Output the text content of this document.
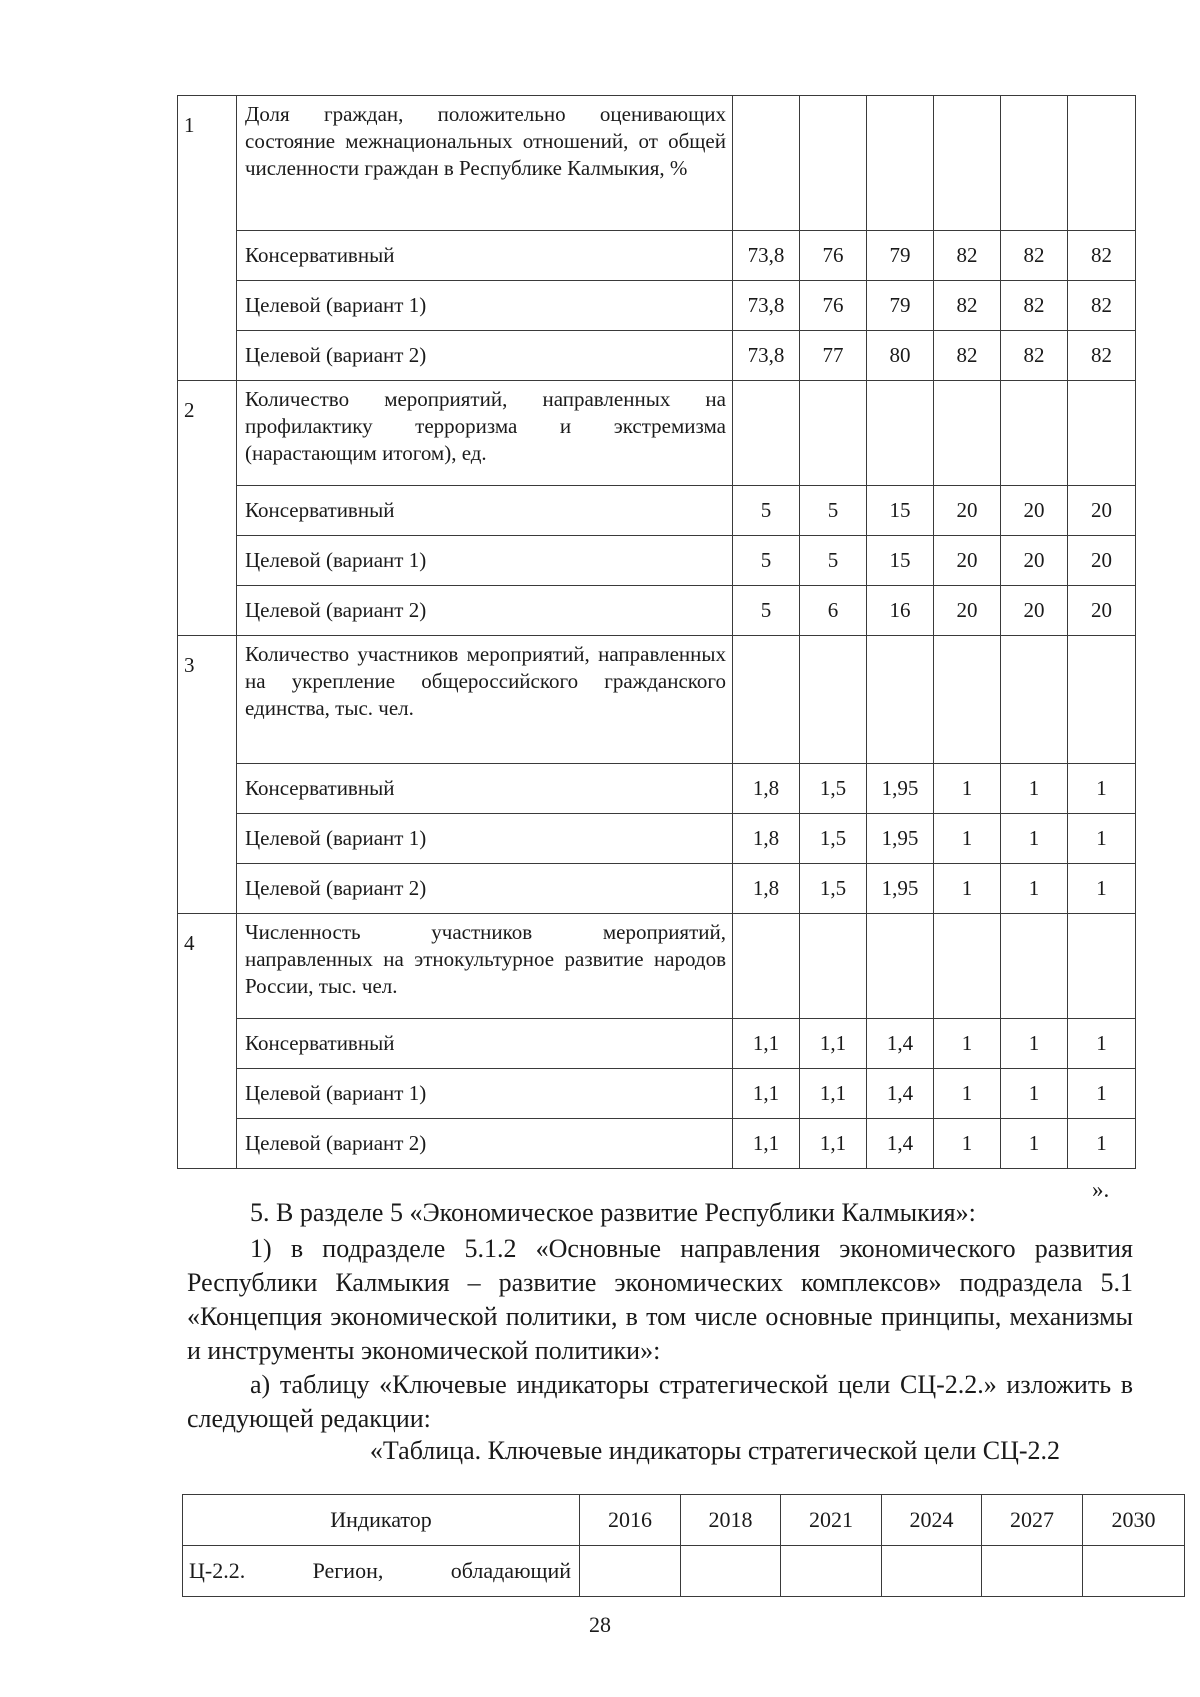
1	Доля граждан, положительно оценивающих состояние межнациональных отношений, от общей численности граждан в Республике Калмыкия, %						
	Консервативный	73,8	76	79	82	82	82
	Целевой (вариант 1)	73,8	76	79	82	82	82
	Целевой (вариант 2)	73,8	77	80	82	82	82
2	Количество мероприятий, направленных на профилактику терроризма и экстремизма (нарастающим итогом), ед.						
	Консервативный	5	5	15	20	20	20
	Целевой (вариант 1)	5	5	15	20	20	20
	Целевой (вариант 2)	5	6	16	20	20	20
3	Количество участников мероприятий, направленных на укрепление общероссийского гражданского единства, тыс. чел.						
	Консервативный	1,8	1,5	1,95	1	1	1
	Целевой (вариант 1)	1,8	1,5	1,95	1	1	1
	Целевой (вариант 2)	1,8	1,5	1,95	1	1	1
4	Численность участников мероприятий, направленных на этнокультурное развитие народов России, тыс. чел.						
	Консервативный	1,1	1,1	1,4	1	1	1
	Целевой (вариант 1)	1,1	1,1	1,4	1	1	1
	Целевой (вариант 2)	1,1	1,1	1,4	1	1	1
».

5. В разделе 5 «Экономическое развитие Республики Калмыкия»:

1) в подразделе 5.1.2 «Основные направления экономического развития Республики Калмыкия – развитие экономических комплексов» подраздела 5.1 «Концепция экономической политики, в том числе основные принципы, механизмы и инструменты экономической политики»:

а) таблицу «Ключевые индикаторы стратегической цели СЦ-2.2.» изложить в следующей редакции:

«Таблица. Ключевые индикаторы стратегической цели СЦ-2.2
Индикатор	2016	2018	2021	2024	2027	2030

Ц-2.2. Регион, обладающий						

28
